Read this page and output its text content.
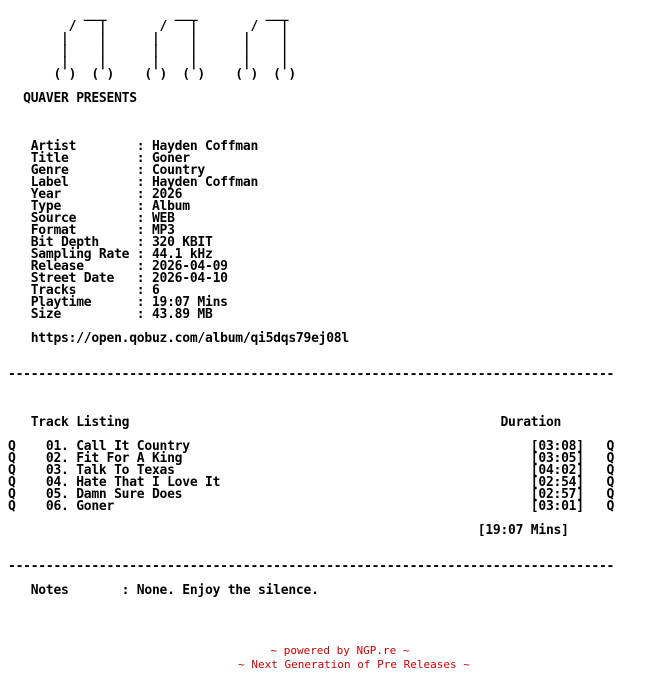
___         ___         ___
/   |       /   |       /   |
|    |      |    |      |    |
|    |      |    |      |    |
|    |      |    |      |    |
( )  ( )    ( )  ( )    ( )  ( )

QUAVER PRESENTS

Artist        : Hayden Coffman
Title         : Goner
Genre         : Country
Label         : Hayden Coffman
Year          : 2026
Type          : Album
Source        : WEB
Format        : MP3
Bit Depth     : 320 KBIT
Sampling Rate : 44.1 kHz
Release       : 2026-04-09
Street Date   : 2026-04-10
Tracks        : 6
Playtime      : 19:07 Mins
Size          : 43.89 MB

https://open.qobuz.com/album/qi5dqs79ej08l

--------------------------------------------------------------------------------

Track Listing                                                 Duration

Q    01. Call It Country                                             [03:08]   Q
Q    02. Fit For A King                                              [03:05]   Q
Q    03. Talk To Texas                                               [04:02]   Q
Q    04. Hate That I Love It                                         [02:54]   Q
Q    05. Damn Sure Does                                              [02:57]   Q
Q    06. Goner                                                       [03:01]   Q

[19:07 Mins]

--------------------------------------------------------------------------------

Notes       : None. Enjoy the silence.
~ powered by NGP.re ~
~ Next Generation of Pre Releases ~
